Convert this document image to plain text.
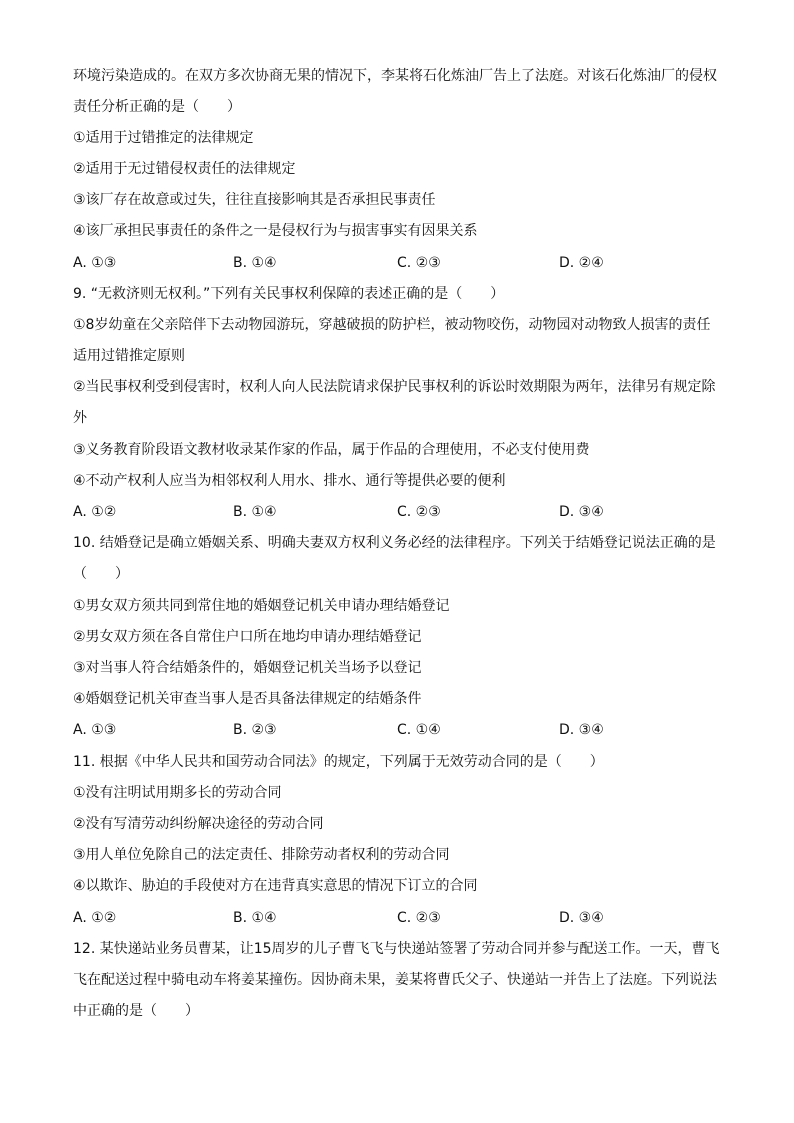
环境污染造成的。在双方多次协商无果的情况下，李某将石化炼油厂告上了法庭。对该石化炼油厂的侵权
责任分析正确的是（　　）
①适用于过错推定的法律规定
②适用于无过错侵权责任的法律规定
③该厂存在故意或过失，往往直接影响其是否承担民事责任
④该厂承担民事责任的条件之一是侵权行为与损害事实有因果关系
A. ①③	B. ①④	C. ②③	D. ②④
9. “无救济则无权利。”下列有关民事权利保障的表述正确的是（　　）
①8岁幼童在父亲陪伴下去动物园游玩，穿越破损的防护栏，被动物咬伤，动物园对动物致人损害的责任
适用过错推定原则
②当民事权利受到侵害时，权利人向人民法院请求保护民事权利的诉讼时效期限为两年，法律另有规定除
外
③义务教育阶段语文教材收录某作家的作品，属于作品的合理使用，不必支付使用费
④不动产权利人应当为相邻权利人用水、排水、通行等提供必要的便利
A. ①②	B. ①④	C. ②③	D. ③④
10. 结婚登记是确立婚姻关系、明确夫妻双方权利义务必经的法律程序。下列关于结婚登记说法正确的是
（　　）
①男女双方须共同到常住地的婚姻登记机关申请办理结婚登记
②男女双方须在各自常住户口所在地均申请办理结婚登记
③对当事人符合结婚条件的，婚姻登记机关当场予以登记
④婚姻登记机关审查当事人是否具备法律规定的结婚条件
A. ①③	B. ②③	C. ①④	D. ③④
11. 根据《中华人民共和国劳动合同法》的规定，下列属于无效劳动合同的是（　　）
①没有注明试用期多长的劳动合同
②没有写清劳动纠纷解决途径的劳动合同
③用人单位免除自己的法定责任、排除劳动者权利的劳动合同
④以欺诈、胁迫的手段使对方在违背真实意思的情况下订立的合同
A. ①②	B. ①④	C. ②③	D. ③④
12. 某快递站业务员曹某，让15周岁的儿子曹飞飞与快递站签署了劳动合同并参与配送工作。一天，曹飞
飞在配送过程中骑电动车将姜某撞伤。因协商未果，姜某将曹氏父子、快递站一并告上了法庭。下列说法
中正确的是（　　）
